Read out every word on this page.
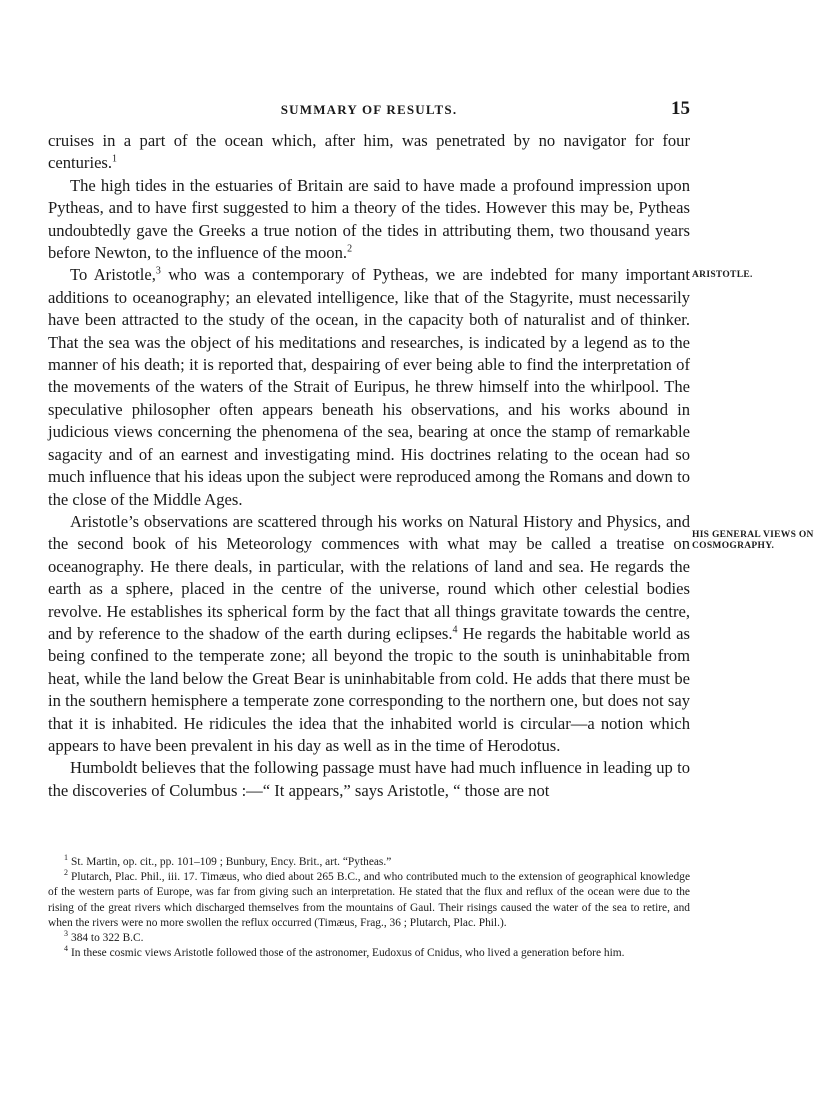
SUMMARY OF RESULTS.	15

cruises in a part of the ocean which, after him, was penetrated by no navigator for four centuries.$^1$

The high tides in the estuaries of Britain are said to have made a profound impression upon Pytheas, and to have first suggested to him a theory of the tides. However this may be, Pytheas undoubtedly gave the Greeks a true notion of the tides in attributing them, two thousand years before Newton, to the influence of the moon.$^2$

To Aristotle,$^3$ who was a contemporary of Pytheas, we are indebted for many important additions to oceanography; an elevated intelligence, like that of the Stagyrite, must necessarily have been attracted to the study of the ocean, in the capacity both of naturalist and of thinker. That the sea was the object of his meditations and researches, is indicated by a legend as to the manner of his death; it is reported that, despairing of ever being able to find the interpretation of the movements of the waters of the Strait of Euripus, he threw himself into the whirlpool. The speculative philosopher often appears beneath his observations, and his works abound in judicious views concerning the phenomena of the sea, bearing at once the stamp of remarkable sagacity and of an earnest and investigating mind. His doctrines relating to the ocean had so much influence that his ideas upon the subject were reproduced among the Romans and down to the close of the Middle Ages.

Aristotle’s observations are scattered through his works on Natural History and Physics, and the second book of his Meteorology commences with what may be called a treatise on oceanography. He there deals, in particular, with the relations of land and sea. He regards the earth as a sphere, placed in the centre of the universe, round which other celestial bodies revolve. He establishes its spherical form by the fact that all things gravitate towards the centre, and by reference to the shadow of the earth during eclipses.$^4$ He regards the habitable world as being confined to the temperate zone; all beyond the tropic to the south is uninhabitable from heat, while the land below the Great Bear is uninhabitable from cold. He adds that there must be in the southern hemisphere a temperate zone corresponding to the northern one, but does not say that it is inhabited. He ridicules the idea that the inhabited world is circular—a notion which appears to have been prevalent in his day as well as in the time of Herodotus.

Humboldt believes that the following passage must have had much influence in leading up to the discoveries of Columbus :—“ It appears,” says Aristotle, “ those are not

ARISTOTLE.
HIS GENERAL VIEWS ON COSMOGRAPHY.

$^1$ St. Martin, op. cit., pp. 101–109 ; Bunbury, Ency. Brit., art. “Pytheas.”

$^2$ Plutarch, Plac. Phil., iii. 17. Timæus, who died about 265 B.C., and who contributed much to the extension of geographical knowledge of the western parts of Europe, was far from giving such an interpretation. He stated that the flux and reflux of the ocean were due to the rising of the great rivers which discharged themselves from the mountains of Gaul. Their risings caused the water of the sea to retire, and when the rivers were no more swollen the reflux occurred (Timæus, Frag., 36 ; Plutarch, Plac. Phil.).

$^3$ 384 to 322 B.C.

$^4$ In these cosmic views Aristotle followed those of the astronomer, Eudoxus of Cnidus, who lived a generation before him.
